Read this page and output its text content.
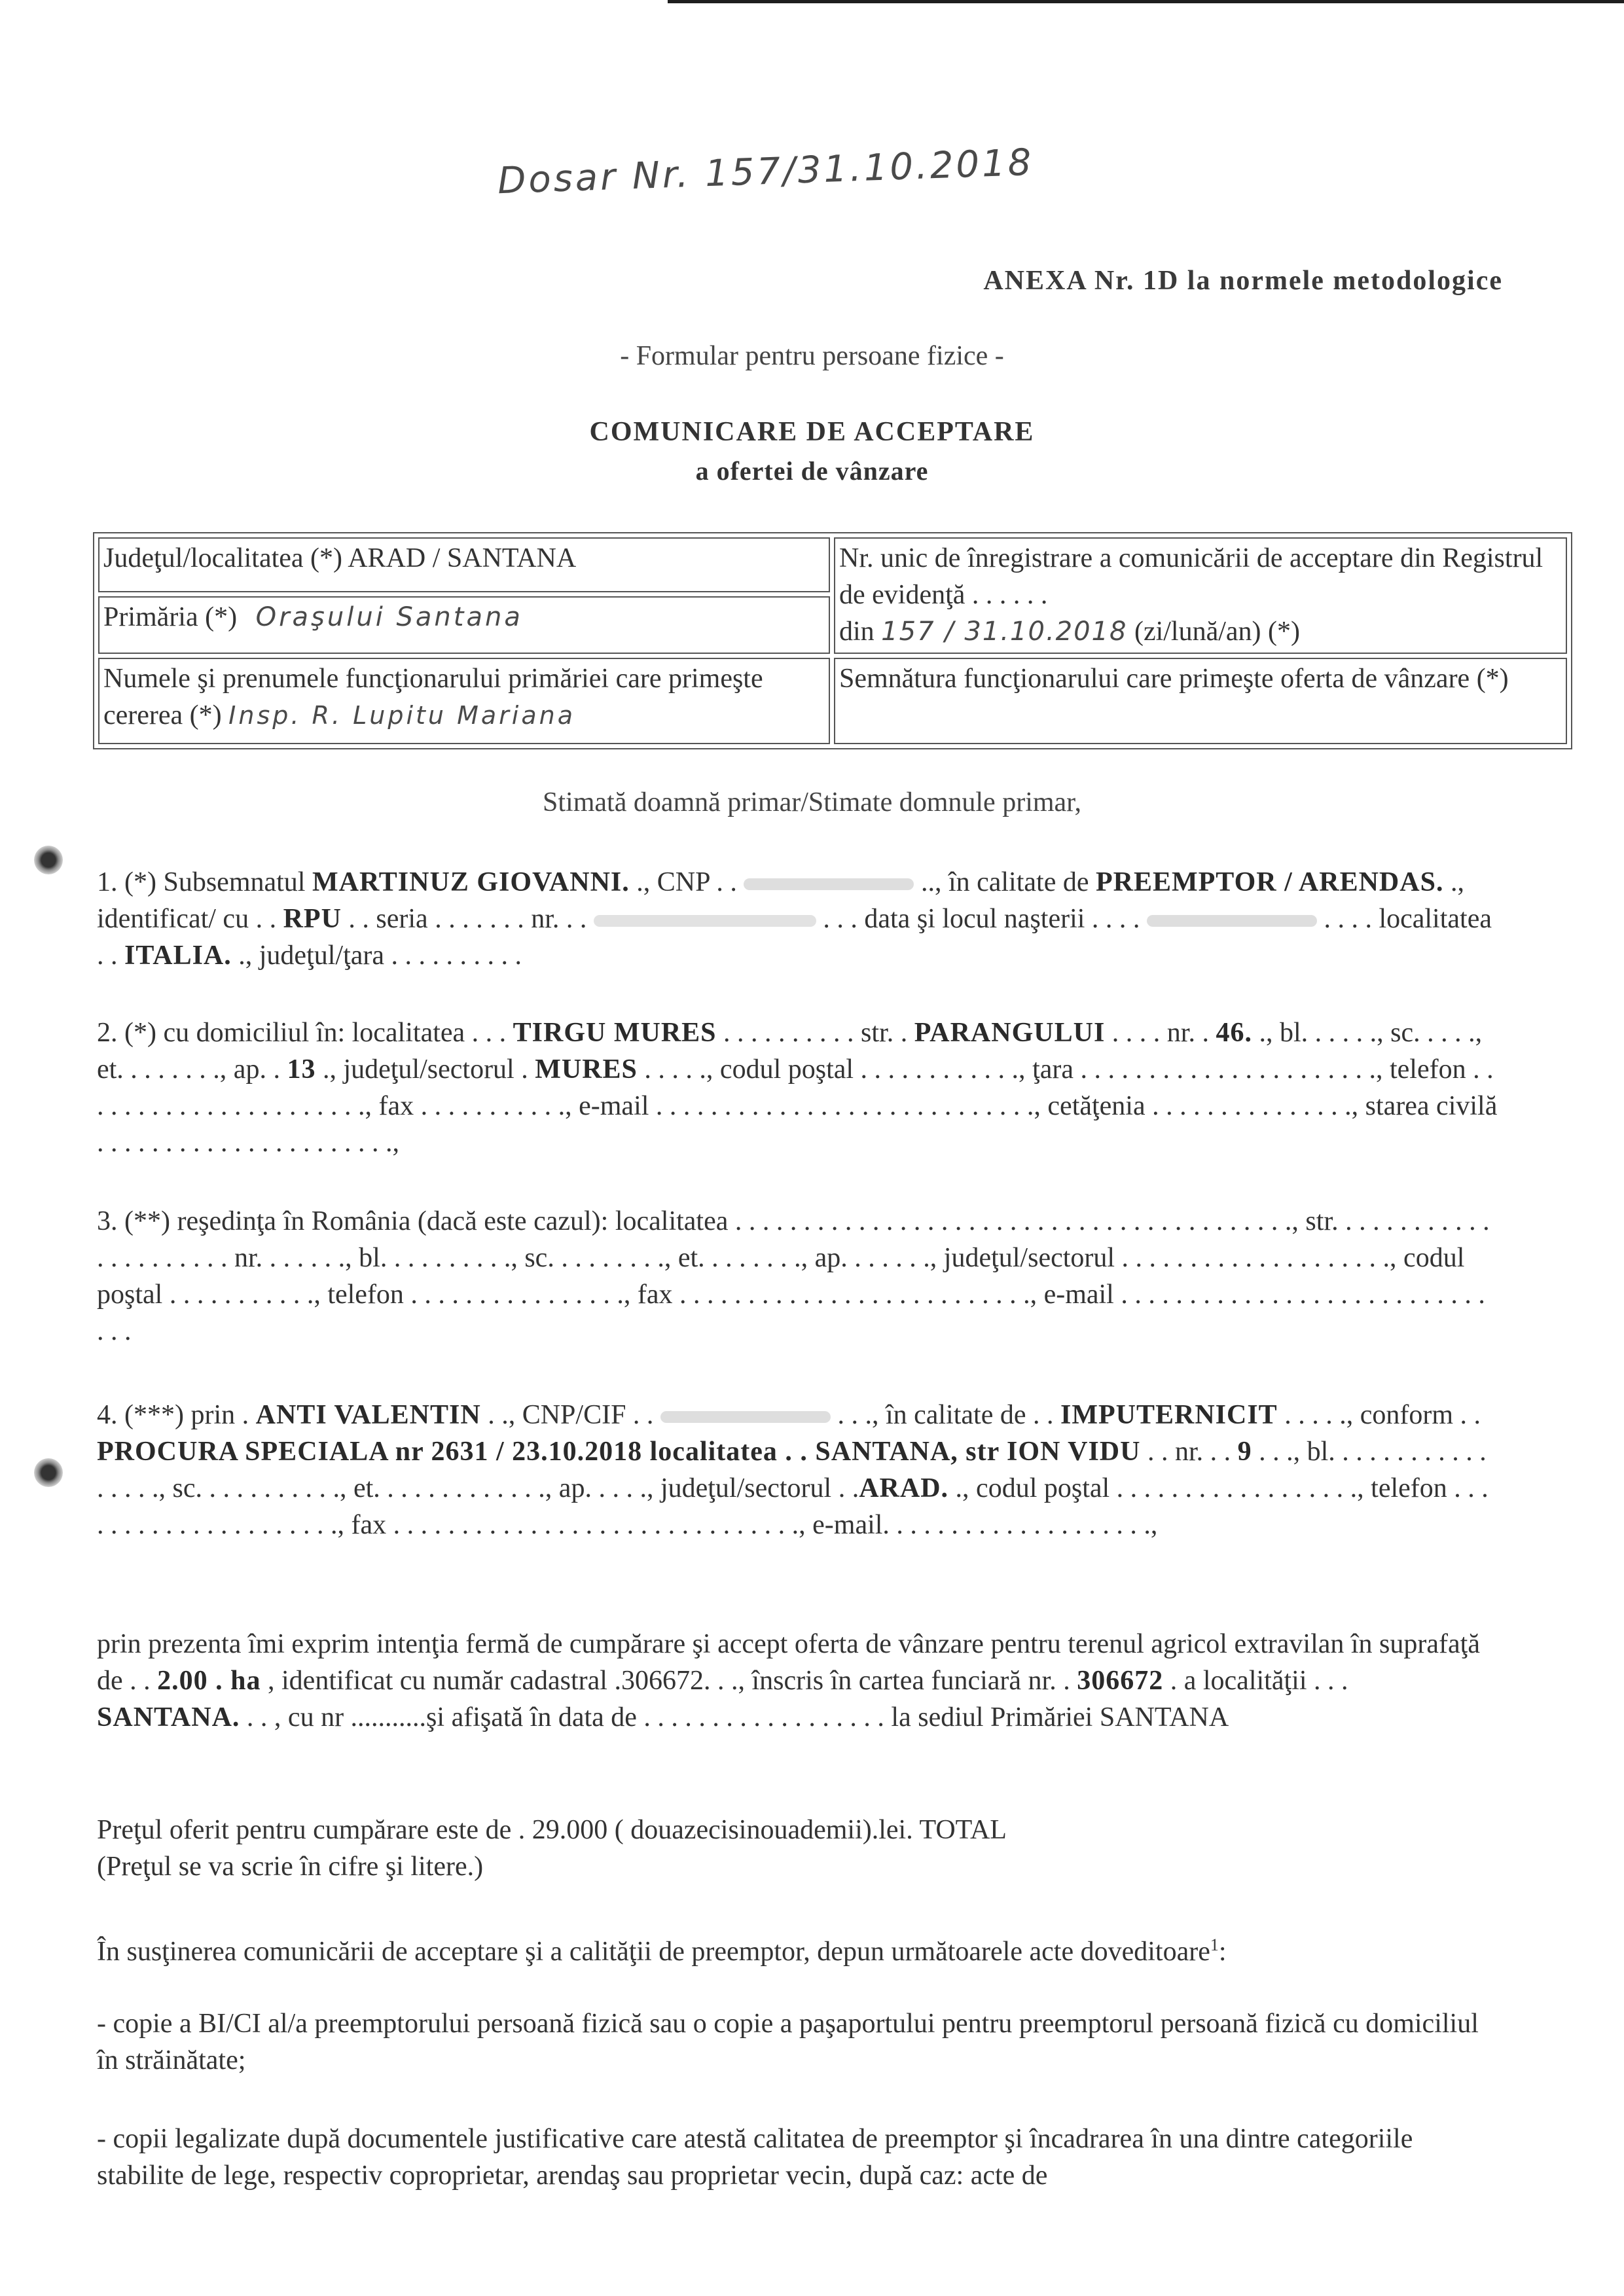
Dosar Nr. 157/31.10.2018
ANEXA Nr. 1D la normele metodologice
- Formular pentru persoane fizice -
COMUNICARE DE ACCEPTARE
a ofertei de vânzare
Judeţul/localitatea (*) ARAD / SANTANA	Nr. unic de înregistrare a comunicării de acceptare din Registrul de evidenţă . . . . . .
din 157 / 31.10.2018 (zi/lună/an) (*)
Primăria (*) Oraşului Santana	
Numele şi prenumele funcţionarului primăriei care primeşte cererea (*) Insp. R. Lupitu Mariana	Semnătura funcţionarului care primeşte oferta de vânzare (*)
Stimată doamnă primar/Stimate domnule primar,

1. (*) Subsemnatul MARTINUZ GIOVANNI. ., CNP . .	.., în calitate de PREEMPTOR / ARENDAS. ., identificat/ cu . . RPU . . seria . . . . . . . nr. . .	. . . data şi locul naşterii . . . .	. . . . localitatea . . ITALIA. ., judeţul/ţara . . . . . . . . . .

2. (*) cu domiciliul în: localitatea . . . TIRGU MURES . . . . . . . . . . str. . PARANGULUI . . . . nr. . 46. ., bl. . . . . ., sc. . . . ., et. . . . . . . ., ap. . 13 ., judeţul/sectorul . MURES . . . . ., codul poştal . . . . . . . . . . . ., ţara . . . . . . . . . . . . . . . . . . . . . ., telefon . . . . . . . . . . . . . . . . . . . . . ., fax . . . . . . . . . . ., e-mail . . . . . . . . . . . . . . . . . . . . . . . . . . . ., cetăţenia . . . . . . . . . . . . . . ., starea civilă . . . . . . . . . . . . . . . . . . . . . .,

3. (**) reşedinţa în România (dacă este cazul): localitatea . . . . . . . . . . . . . . . . . . . . . . . . . . . . . . . . . . . . . . . . ., str. . . . . . . . . . . . . . . . . . . . . . nr. . . . . . ., bl. . . . . . . . . ., sc. . . . . . . . ., et. . . . . . . ., ap. . . . . . ., judeţul/sectorul . . . . . . . . . . . . . . . . . . . ., codul poştal . . . . . . . . . . ., telefon . . . . . . . . . . . . . . . ., fax . . . . . . . . . . . . . . . . . . . . . . . . . ., e-mail . . . . . . . . . . . . . . . . . . . . . . . . . . . . . .

4. (***) prin . ANTI VALENTIN . ., CNP/CIF . .	. . ., în calitate de . . IMPUTERNICIT . . . . ., conform . . PROCURA SPECIALA nr 2631 / 23.10.2018 localitatea . . SANTANA, str ION VIDU . . nr. . . 9 . . ., bl. . . . . . . . . . . . . . . . ., sc. . . . . . . . . . ., et. . . . . . . . . . . . ., ap. . . . ., judeţul/sectorul . .ARAD. ., codul poştal . . . . . . . . . . . . . . . . . ., telefon . . . . . . . . . . . . . . . . . . . . ., fax . . . . . . . . . . . . . . . . . . . . . . . . . . . . . ., e-mail. . . . . . . . . . . . . . . . . . . .,

prin prezenta îmi exprim intenţia fermă de cumpărare şi accept oferta de vânzare pentru terenul agricol extravilan în suprafaţă de . . 2.00 . ha , identificat cu număr cadastral .306672. . ., înscris în cartea funciară nr. . 306672 . a localităţii . . . SANTANA. . . , cu nr ...........şi afişată în data de . . . . . . . . . . . . . . . . . . la sediul Primăriei SANTANA

Preţul oferit pentru cumpărare este de . 29.000 ( douazecisinouademii).lei. TOTAL
(Preţul se va scrie în cifre şi litere.)

În susţinerea comunicării de acceptare şi a calităţii de preemptor, depun următoarele acte doveditoare$^1$:

- copie a BI/CI al/a preemptorului persoană fizică sau o copie a paşaportului pentru preemptorul persoană fizică cu domiciliul în străinătate;

- copii legalizate după documentele justificative care atestă calitatea de preemptor şi încadrarea în una dintre categoriile stabilite de lege, respectiv coproprietar, arendaş sau proprietar vecin, după caz: acte de
